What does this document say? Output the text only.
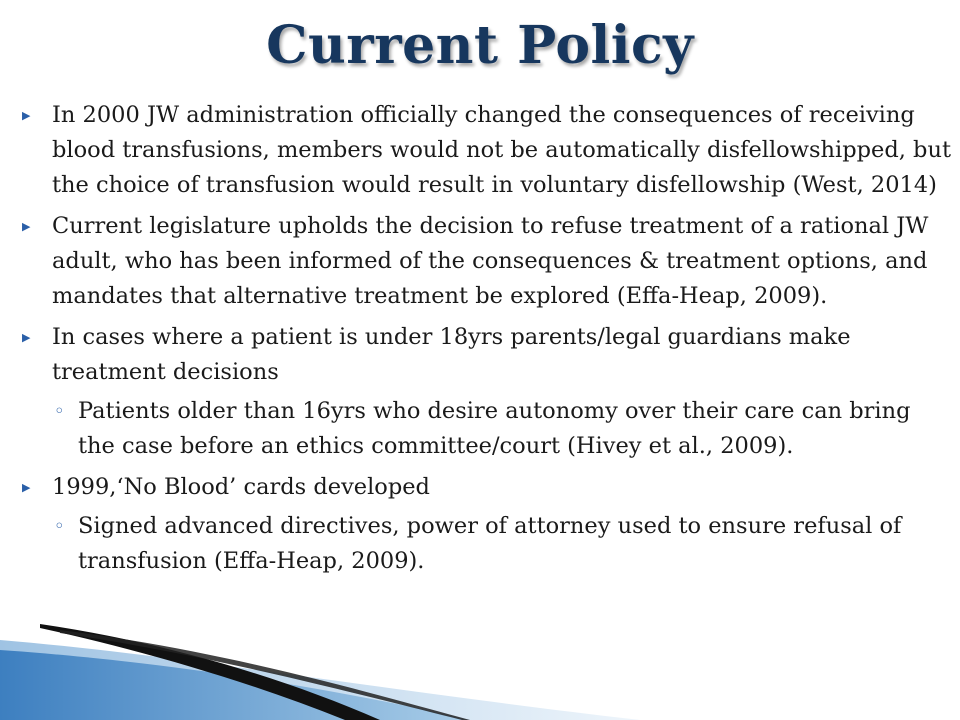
Current Policy
▶ In 2000 JW administration officially changed the consequences of receiving blood transfusions, members would not be automatically disfellowshipped, but the choice of transfusion would result in voluntary disfellowship (West, 2014)
▶ Current legislature upholds the decision to refuse treatment of a rational JW adult, who has been informed of the consequences & treatment options, and mandates that alternative treatment be explored (Effa-Heap, 2009).
▶ In cases where a patient is under 18yrs parents/legal guardians make treatment decisions
◦ Patients older than 16yrs who desire autonomy over their care can bring the case before an ethics committee/court (Hivey et al., 2009).
▶ 1999,‘No Blood’ cards developed
◦ Signed advanced directives, power of attorney used to ensure refusal of transfusion (Effa-Heap, 2009).
